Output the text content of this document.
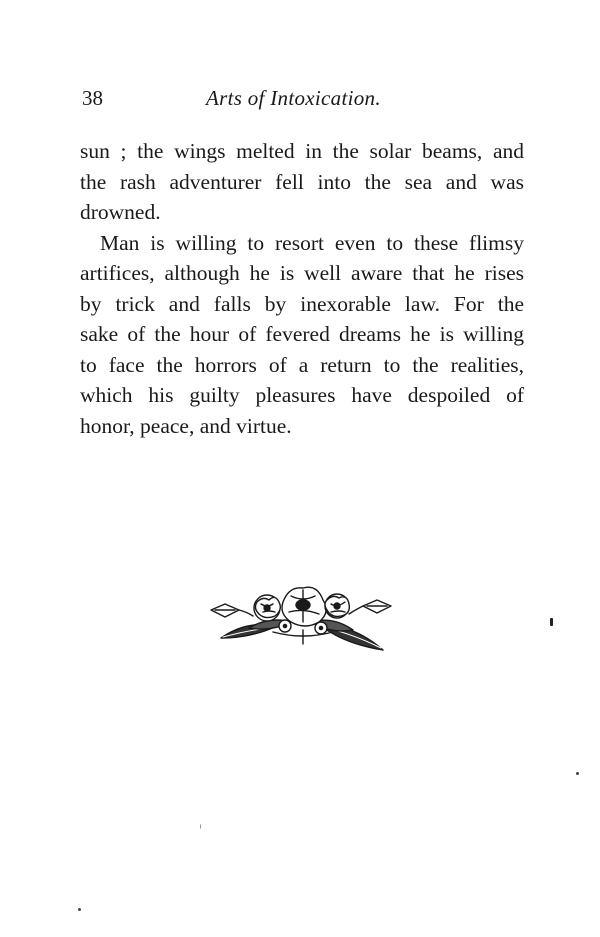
38	Arts of Intoxication.
sun ; the wings melted in the solar beams, and
the rash adventurer fell into the sea and was
drowned.
Man is willing to resort even to these flimsy
artifices, although he is well aware that he rises
by trick and falls by inexorable law. For the
sake of the hour of fevered dreams he is willing
to face the horrors of a return to the realities,
which his guilty pleasures have despoiled of
honor, peace, and virtue.
